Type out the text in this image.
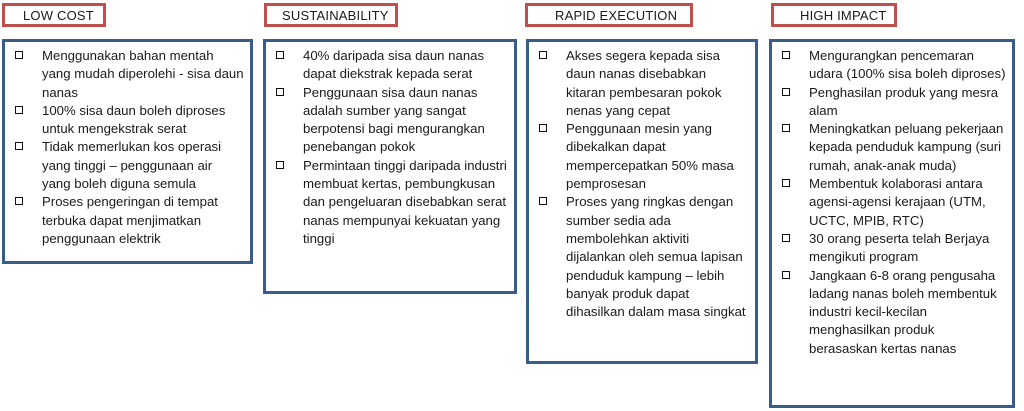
LOW COST
Menggunakan bahan mentah yang mudah diperolehi - sisa daun nanas
100% sisa daun boleh diproses untuk mengekstrak serat
Tidak memerlukan kos operasi yang tinggi – penggunaan air yang boleh diguna semula
Proses pengeringan di tempat terbuka dapat menjimatkan penggunaan elektrik
SUSTAINABILITY
40% daripada sisa daun nanas dapat diekstrak kepada serat
Penggunaan sisa daun nanas adalah sumber yang sangat berpotensi bagi mengurangkan penebangan pokok
Permintaan tinggi daripada industri membuat kertas, pembungkusan dan pengeluaran disebabkan serat nanas mempunyai kekuatan yang tinggi
RAPID EXECUTION
Akses segera kepada sisa daun nanas disebabkan kitaran pembesaran pokok nenas yang cepat
Penggunaan mesin yang dibekalkan dapat mempercepatkan 50% masa pemprosesan
Proses yang ringkas dengan sumber sedia ada membolehkan aktiviti dijalankan oleh semua lapisan penduduk kampung – lebih banyak produk dapat dihasilkan dalam masa singkat
HIGH IMPACT
Mengurangkan pencemaran udara (100% sisa boleh diproses)
Penghasilan produk yang mesra alam
Meningkatkan peluang pekerjaan kepada penduduk kampung (suri rumah, anak-anak muda)
Membentuk kolaborasi antara agensi-agensi kerajaan (UTM, UCTC, MPIB, RTC)
30 orang peserta telah Berjaya mengikuti program
Jangkaan 6-8 orang pengusaha ladang nanas boleh membentuk industri kecil-kecilan menghasilkan produk berasaskan kertas nanas
